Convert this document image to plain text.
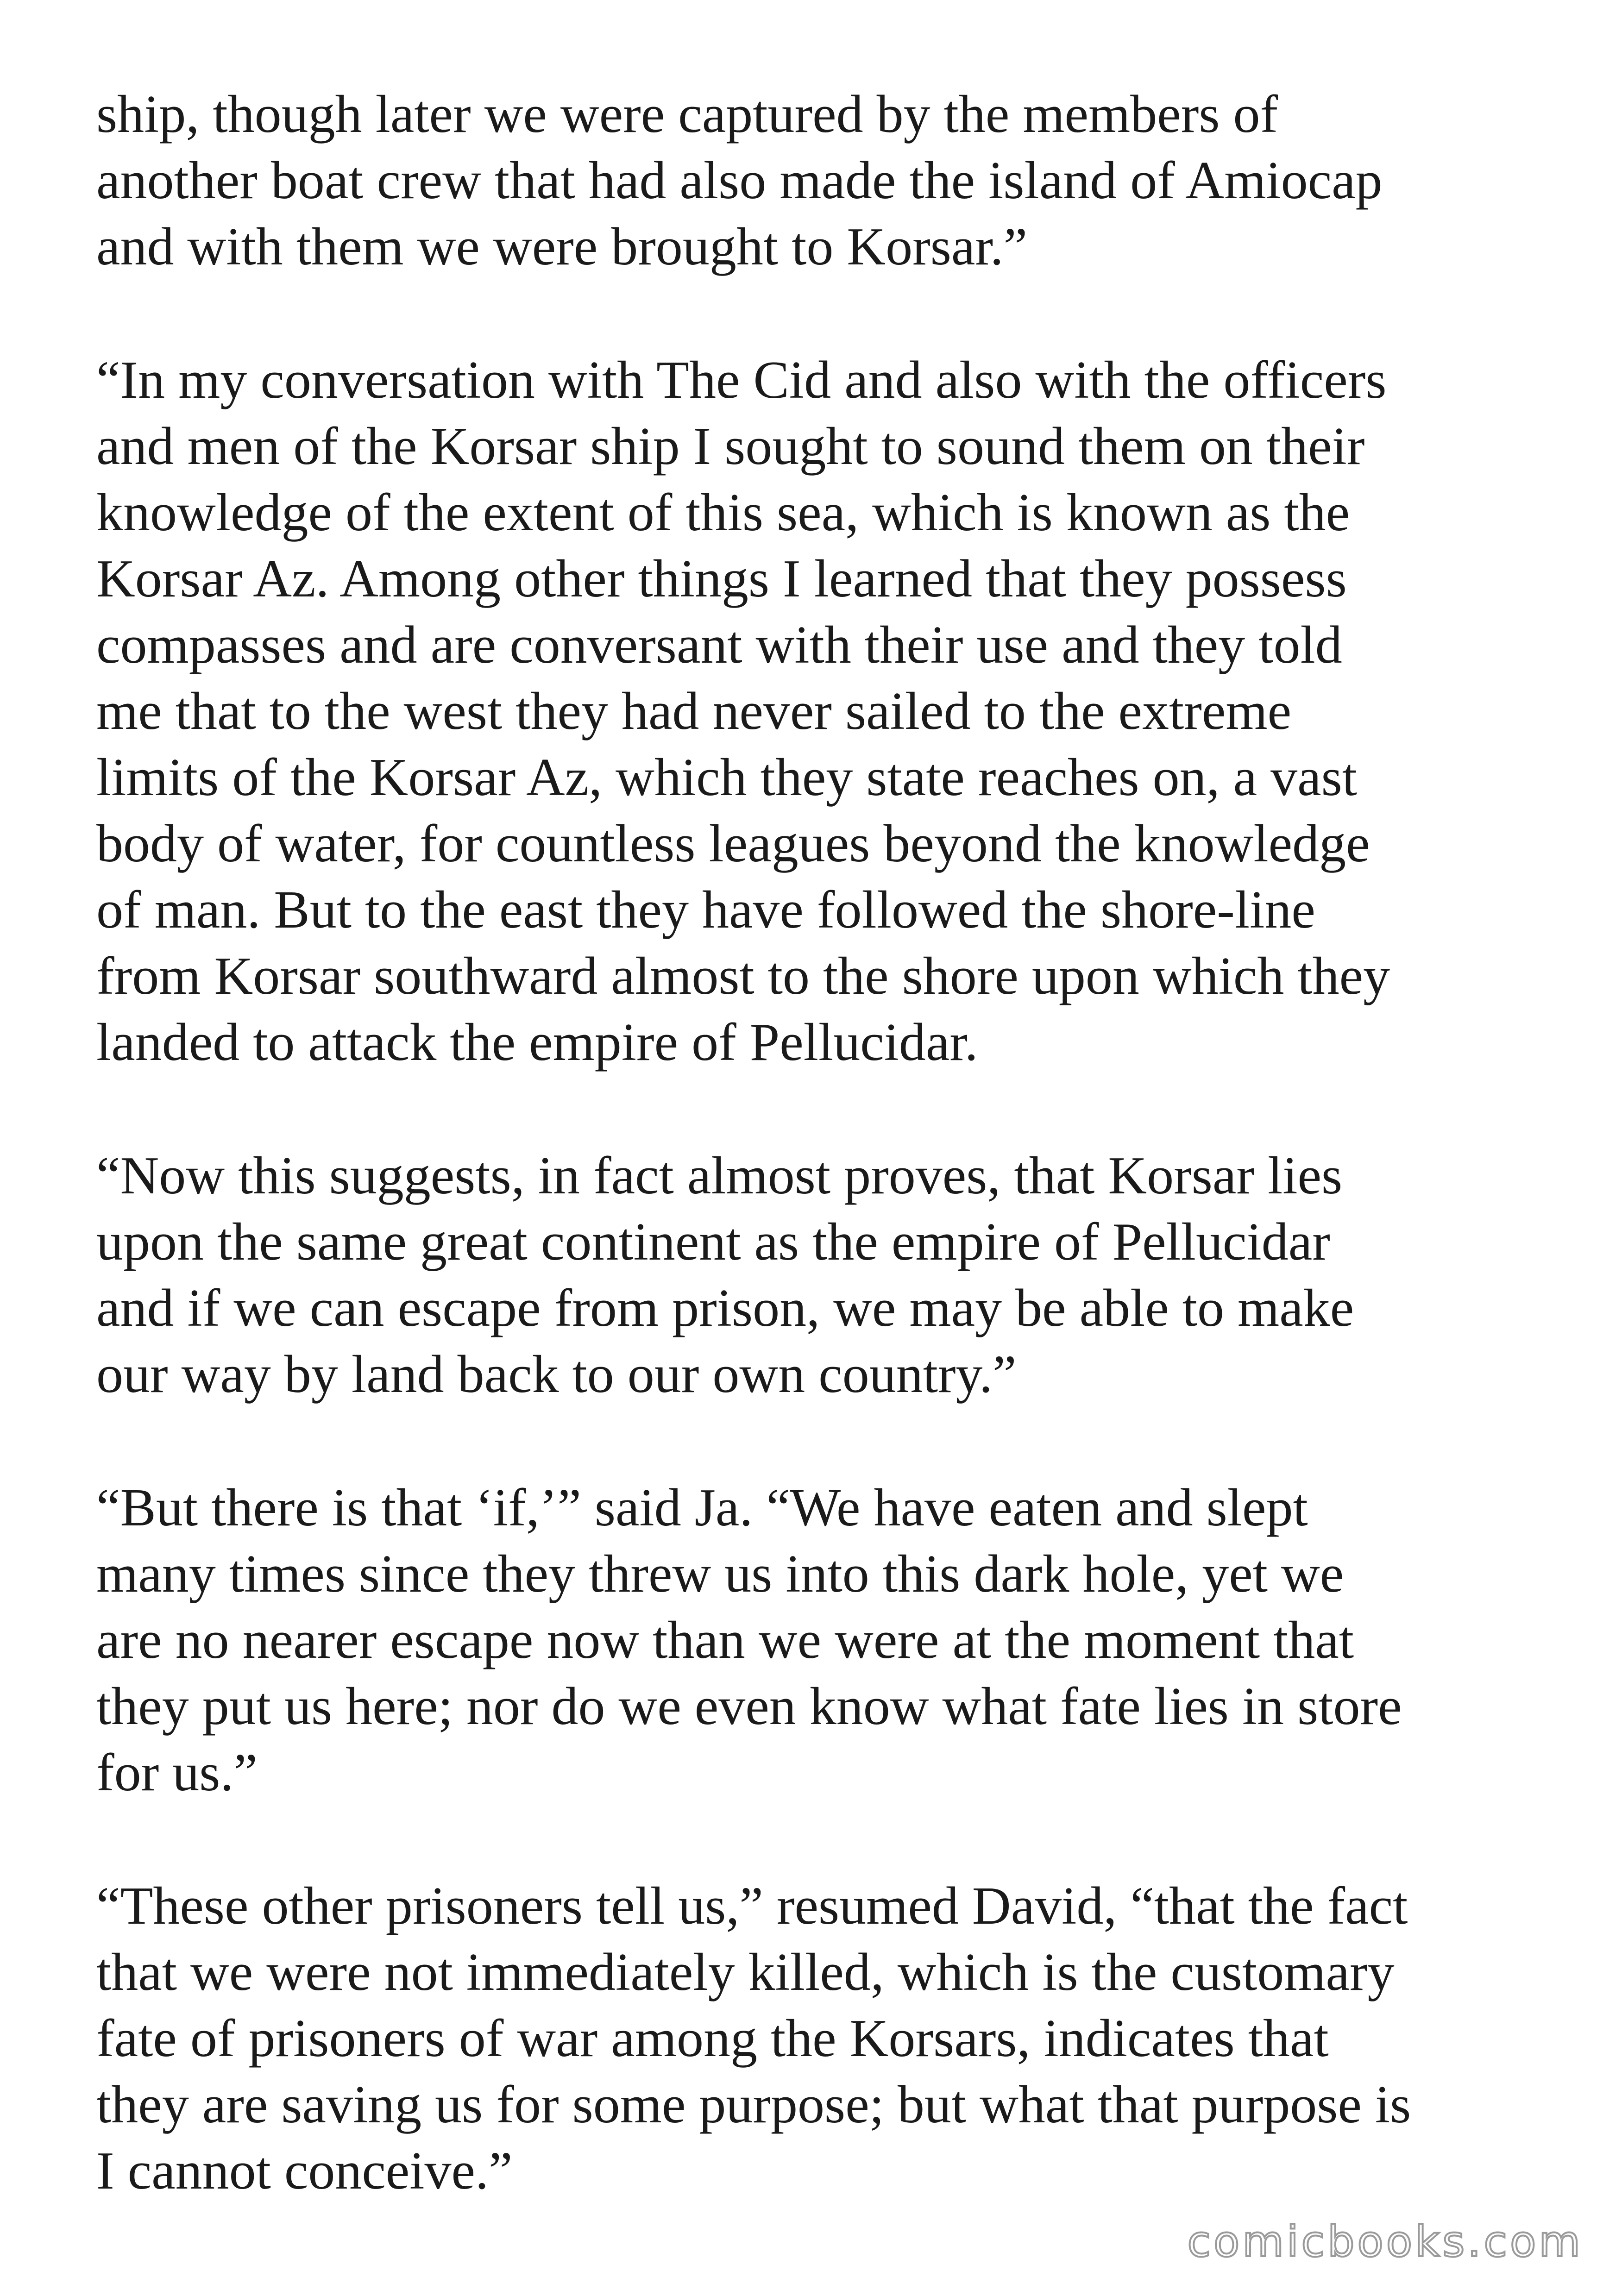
ship, though later we were captured by the members of
another boat crew that had also made the island of Amiocap
and with them we were brought to Korsar.”

“In my conversation with The Cid and also with the officers
and men of the Korsar ship I sought to sound them on their
knowledge of the extent of this sea, which is known as the
Korsar Az. Among other things I learned that they possess
compasses and are conversant with their use and they told
me that to the west they had never sailed to the extreme
limits of the Korsar Az, which they state reaches on, a vast
body of water, for countless leagues beyond the knowledge
of man. But to the east they have followed the shore-line
from Korsar southward almost to the shore upon which they
landed to attack the empire of Pellucidar.

“Now this suggests, in fact almost proves, that Korsar lies
upon the same great continent as the empire of Pellucidar
and if we can escape from prison, we may be able to make
our way by land back to our own country.”

“But there is that ‘if,’” said Ja. “We have eaten and slept
many times since they threw us into this dark hole, yet we
are no nearer escape now than we were at the moment that
they put us here; nor do we even know what fate lies in store
for us.”

“These other prisoners tell us,” resumed David, “that the fact
that we were not immediately killed, which is the customary
fate of prisoners of war among the Korsars, indicates that
they are saving us for some purpose; but what that purpose is
I cannot conceive.”

comicbooks.com
